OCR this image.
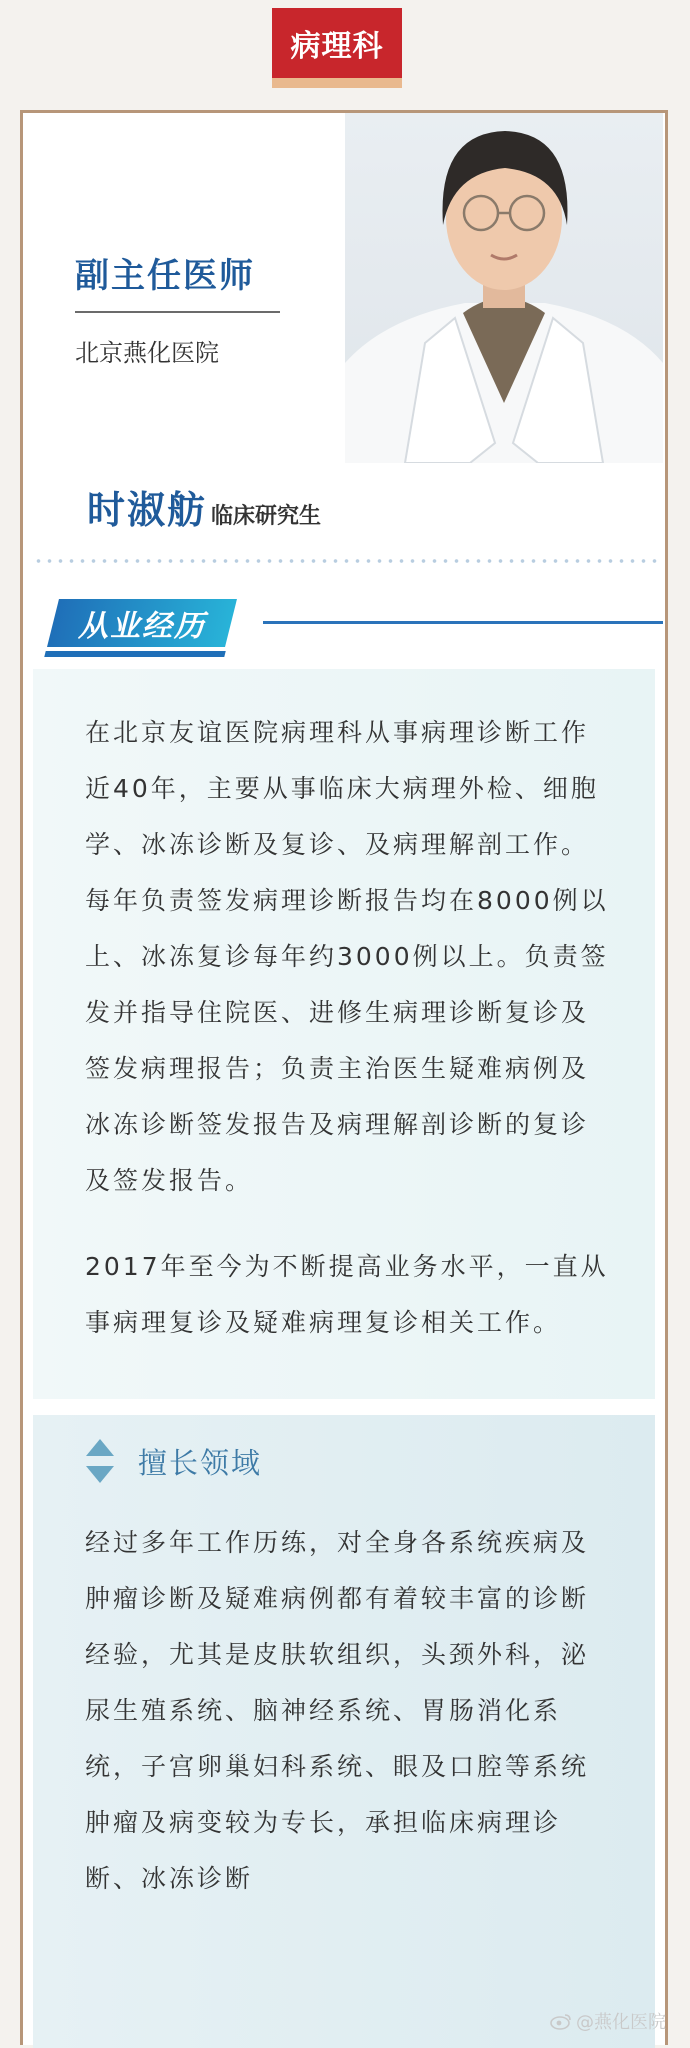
病理科
副主任医师
北京燕化医院
时淑舫 临床研究生
从业经历

在北京友谊医院病理科从事病理诊断工作近40年，主要从事临床大病理外检、细胞学、冰冻诊断及复诊、及病理解剖工作。每年负责签发病理诊断报告均在8000例以上、冰冻复诊每年约3000例以上。负责签发并指导住院医、进修生病理诊断复诊及签发病理报告；负责主治医生疑难病例及冰冻诊断签发报告及病理解剖诊断的复诊及签发报告。

2017年至今为不断提高业务水平，一直从事病理复诊及疑难病理复诊相关工作。

擅长领域

经过多年工作历练，对全身各系统疾病及肿瘤诊断及疑难病例都有着较丰富的诊断经验，尤其是皮肤软组织，头颈外科，泌尿生殖系统、脑神经系统、胃肠消化系统，子宫卵巢妇科系统、眼及口腔等系统肿瘤及病变较为专长，承担临床病理诊断、冰冻诊断

@燕化医院
